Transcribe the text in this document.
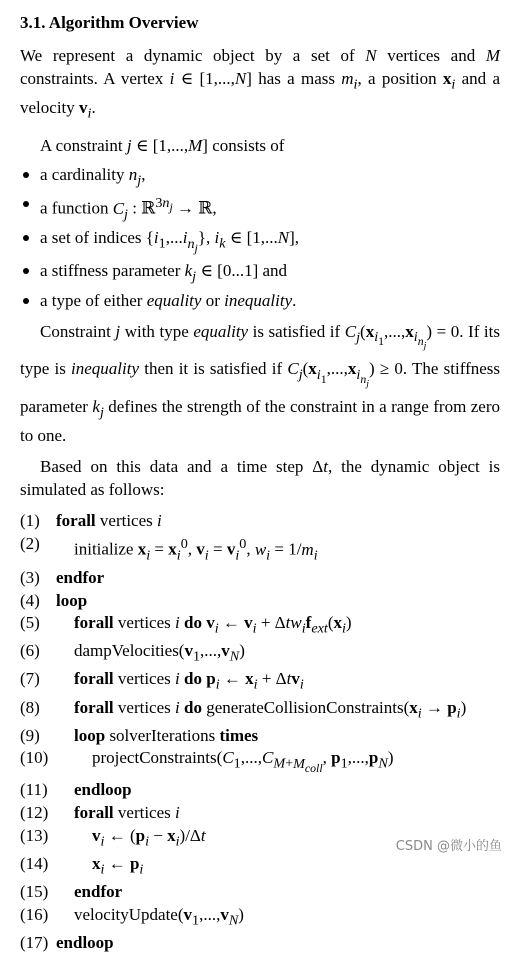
3.1. Algorithm Overview

We represent a dynamic object by a set of N vertices and M constraints. A vertex i ∈ [1,...,N] has a mass $m_i$, a position $x_i$ and a velocity $v_i$.

A constraint j ∈ [1,...,M] consists of

a cardinality $n_j$,
a function $C_j$ : ℝ$^{3n_j}$ → ℝ,
a set of indices $\{i_1,...i_{n_j}\}$, $i_k$ ∈ [1,...N],
a stiffness parameter $k_j$ ∈ [0...1] and
a type of either equality or inequality.

Constraint j with type equality is satisfied if $C_j(x_{i_1},...,x_{i_{n_j}}) = 0$. If its type is inequality then it is satisfied if $C_j(x_{i_1},...,x_{i_{n_j}}) \ge 0$. The stiffness parameter $k_j$ defines the strength of the constraint in a range from zero to one.

Based on this data and a time step Δt, the dynamic object is simulated as follows:

(1) forall vertices i
(2)	initialize $x_i = x_i^0$, $v_i = v_i^0$, $w_i = 1/m_i$
(3) endfor
(4) loop
(5)	forall vertices i do $v_i$ ← $v_i + \Delta tw_if_{ext}(x_i)$
(6)	$dampVelocities(v_1,...,v_N)$
(7)	forall vertices i do $p_i$ ← $x_i + \Delta tv_i$
(8)	forall vertices i do $generateCollisionConstraints(x_i \to p_i)$
(9)	loop solverIterations times
(10)	$projectConstraints(C_1,...,C_{M+M_{coll}}$, $p_1,...,p_N$)
(11)	endloop
(12)	forall vertices i
(13)	$v_i$ ← $(p_i - x_i)/\Delta t$
(14)	$x_i$ ← $p_i$
(15)	endfor
(16)	$velocityUpdate(v_1,...,v_N)$
(17) endloop
CSDN @微小的鱼
